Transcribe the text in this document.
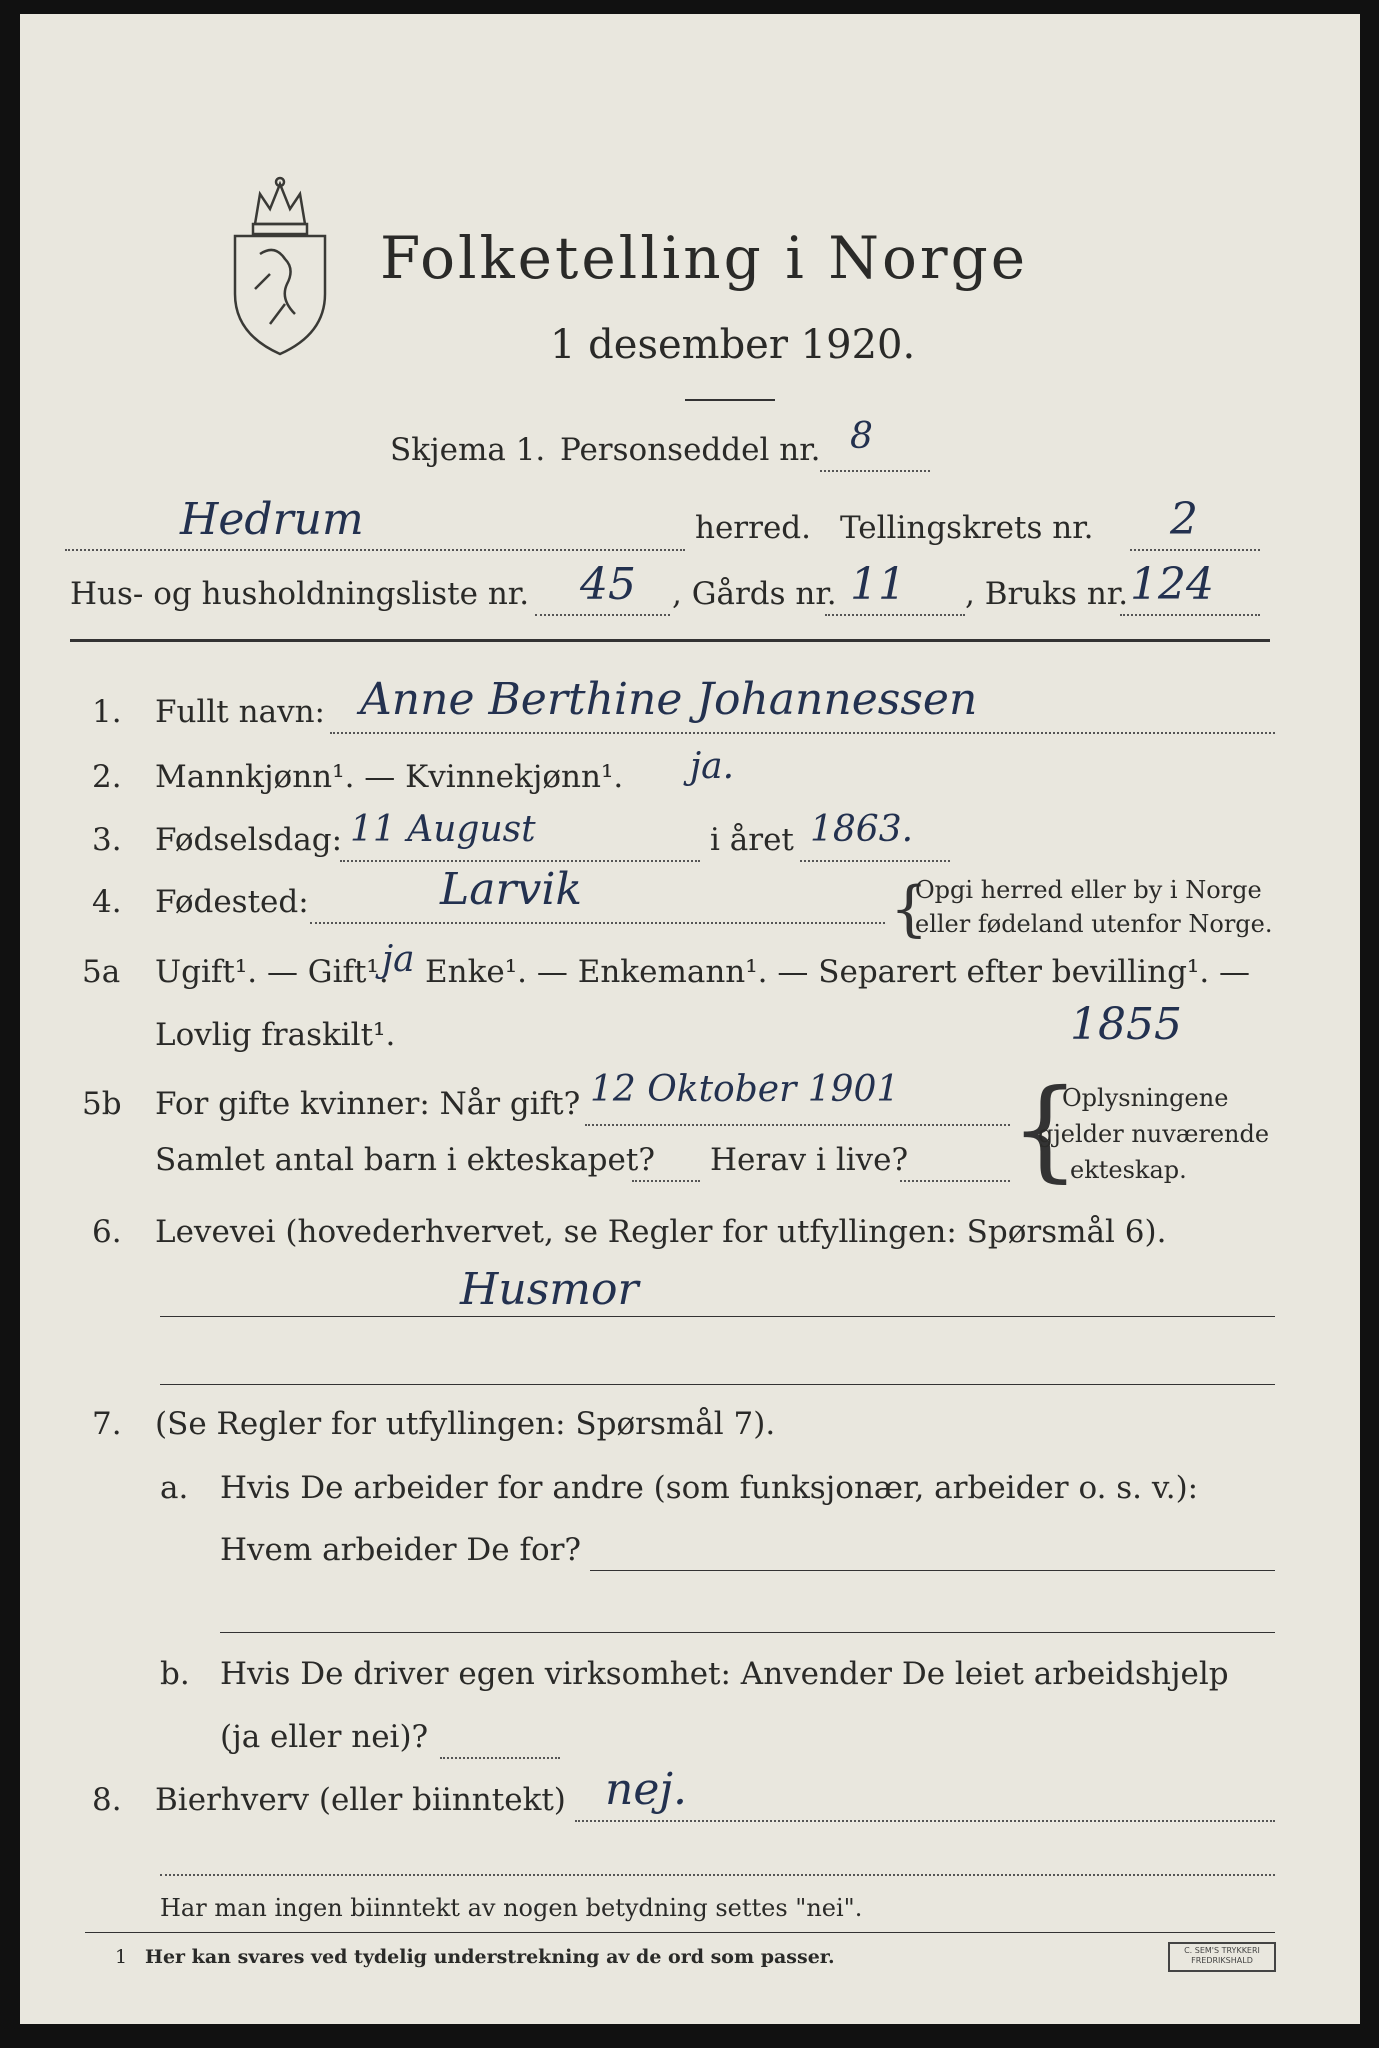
Folketelling i Norge
1 desember 1920.
Skjema 1. Personseddel nr. 8
Hedrum	herred. Tellingskrets nr. 2
Hus- og husholdningsliste nr. 45 , Gårds nr. 11 , Bruks nr. 124
1. Fullt navn: Anne Berthine Johannessen
2. Mannkjønn¹. — Kvinnekjønn¹. ja.
3. Fødselsdag: 11 August	i året 1863.
4. Fødested:	Larvik	{
Opgi herred eller by i Norge
eller fødeland utenfor Norge.
5a Ugift¹. — Gift¹.
ja Enke¹. — Enkemann¹. — Separert efter bevilling¹. —
Lovlig fraskilt¹.	1855
5b For gifte kvinner: Når gift? 12 Oktober 1901
Samlet antal barn i ekteskapet? Herav i live? {
Oplysningene
gjelder nuværende
ekteskap.
6. Levevei (hovederhvervet, se Regler for utfyllingen: Spørsmål 6).
Husmor
7. (Se Regler for utfyllingen: Spørsmål 7).
a. Hvis De arbeider for andre (som funksjonær, arbeider o. s. v.):
Hvem arbeider De for?
b. Hvis De driver egen virksomhet: Anvender De leiet arbeidshjelp
(ja eller nei)?
8. Bierhverv (eller biinntekt) nej.
Har man ingen biinntekt av nogen betydning settes "nei".
1 Her kan svares ved tydelig understrekning av de ord som passer.	C. SEM'S TRYKKERI FREDRIKSHALD
